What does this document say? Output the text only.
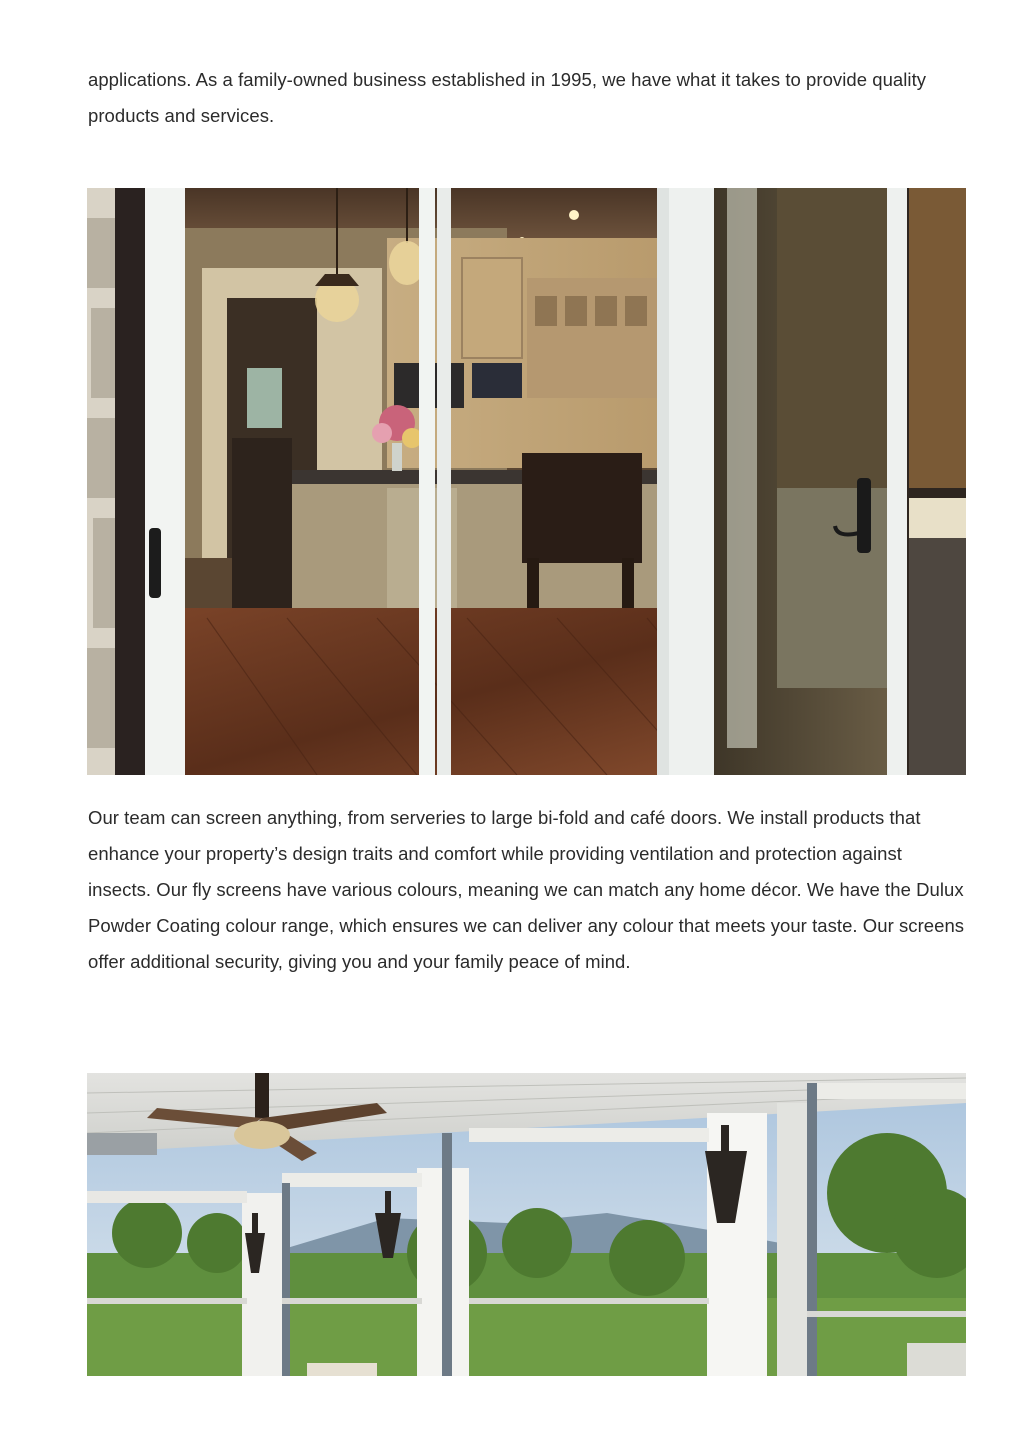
applications. As a family-owned business established in 1995, we have what it takes to provide quality products and services.

Our team can screen anything, from serveries to large bi-fold and café doors. We install products that enhance your property’s design traits and comfort while providing ventilation and protection against insects. Our fly screens have various colours, meaning we can match any home décor. We have the Dulux Powder Coating colour range, which ensures we can deliver any colour that meets your taste. Our screens offer additional security, giving you and your family peace of mind.
